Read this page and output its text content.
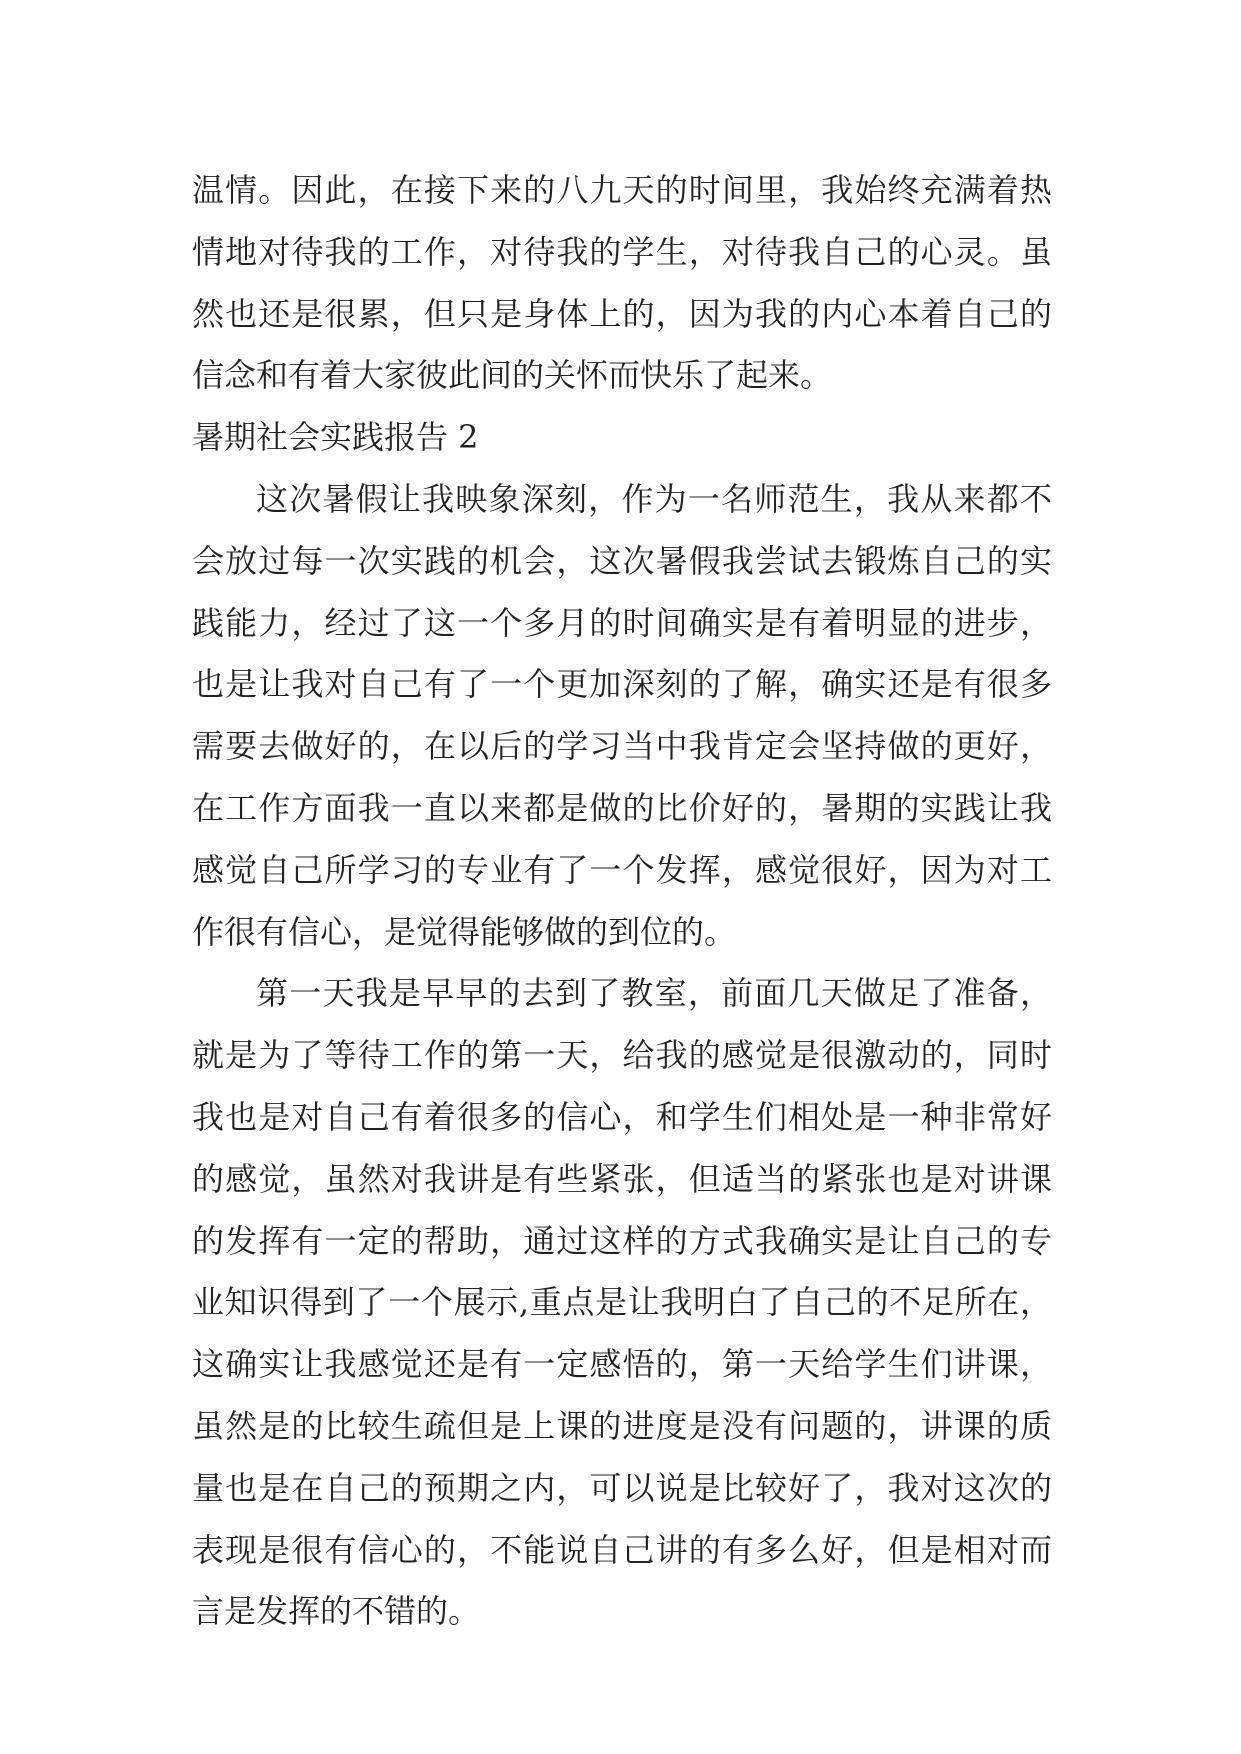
温情。因此，在接下来的八九天的时间里，我始终充满着热
情地对待我的工作，对待我的学生，对待我自己的心灵。虽
然也还是很累，但只是身体上的，因为我的内心本着自己的
信念和有着大家彼此间的关怀而快乐了起来。
暑期社会实践报告 2
这次暑假让我映象深刻，作为一名师范生，我从来都不
会放过每一次实践的机会，这次暑假我尝试去锻炼自己的实
践能力，经过了这一个多月的时间确实是有着明显的进步，
也是让我对自己有了一个更加深刻的了解，确实还是有很多
需要去做好的，在以后的学习当中我肯定会坚持做的更好，
在工作方面我一直以来都是做的比价好的，暑期的实践让我
感觉自己所学习的专业有了一个发挥，感觉很好，因为对工
作很有信心，是觉得能够做的到位的。
第一天我是早早的去到了教室，前面几天做足了准备，
就是为了等待工作的第一天，给我的感觉是很激动的，同时
我也是对自己有着很多的信心，和学生们相处是一种非常好
的感觉，虽然对我讲是有些紧张，但适当的紧张也是对讲课
的发挥有一定的帮助，通过这样的方式我确实是让自己的专
业知识得到了一个展示,重点是让我明白了自己的不足所在，
这确实让我感觉还是有一定感悟的，第一天给学生们讲课，
虽然是的比较生疏但是上课的进度是没有问题的，讲课的质
量也是在自己的预期之内，可以说是比较好了，我对这次的
表现是很有信心的，不能说自己讲的有多么好，但是相对而
言是发挥的不错的。
